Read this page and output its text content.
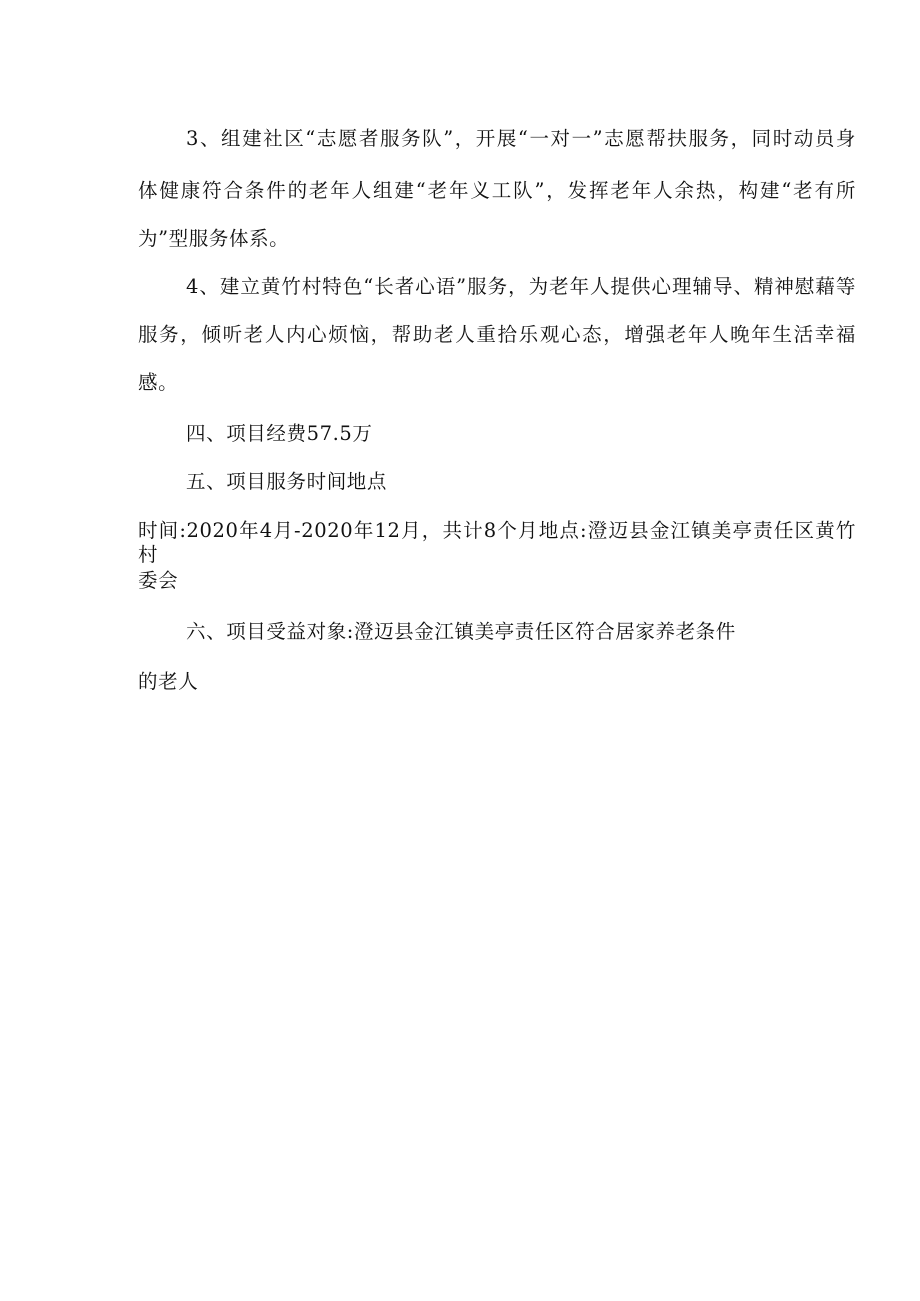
3、组建社区“志愿者服务队”，开展“一对一”志愿帮扶服务，同时动员身
体健康符合条件的老年人组建“老年义工队”，发挥老年人余热，构建“老有所
为”型服务体系。
4、建立黄竹村特色“长者心语”服务，为老年人提供心理辅导、精神慰藉等
服务，倾听老人内心烦恼，帮助老人重拾乐观心态，增强老年人晚年生活幸福
感。
四、项目经费57.5万
五、项目服务时间地点
时间:2020年4月-2020年12月，共计8个月地点:澄迈县金江镇美亭责任区黄竹村
委会
六、项目受益对象:澄迈县金江镇美亭责任区符合居家养老条件
的老人
